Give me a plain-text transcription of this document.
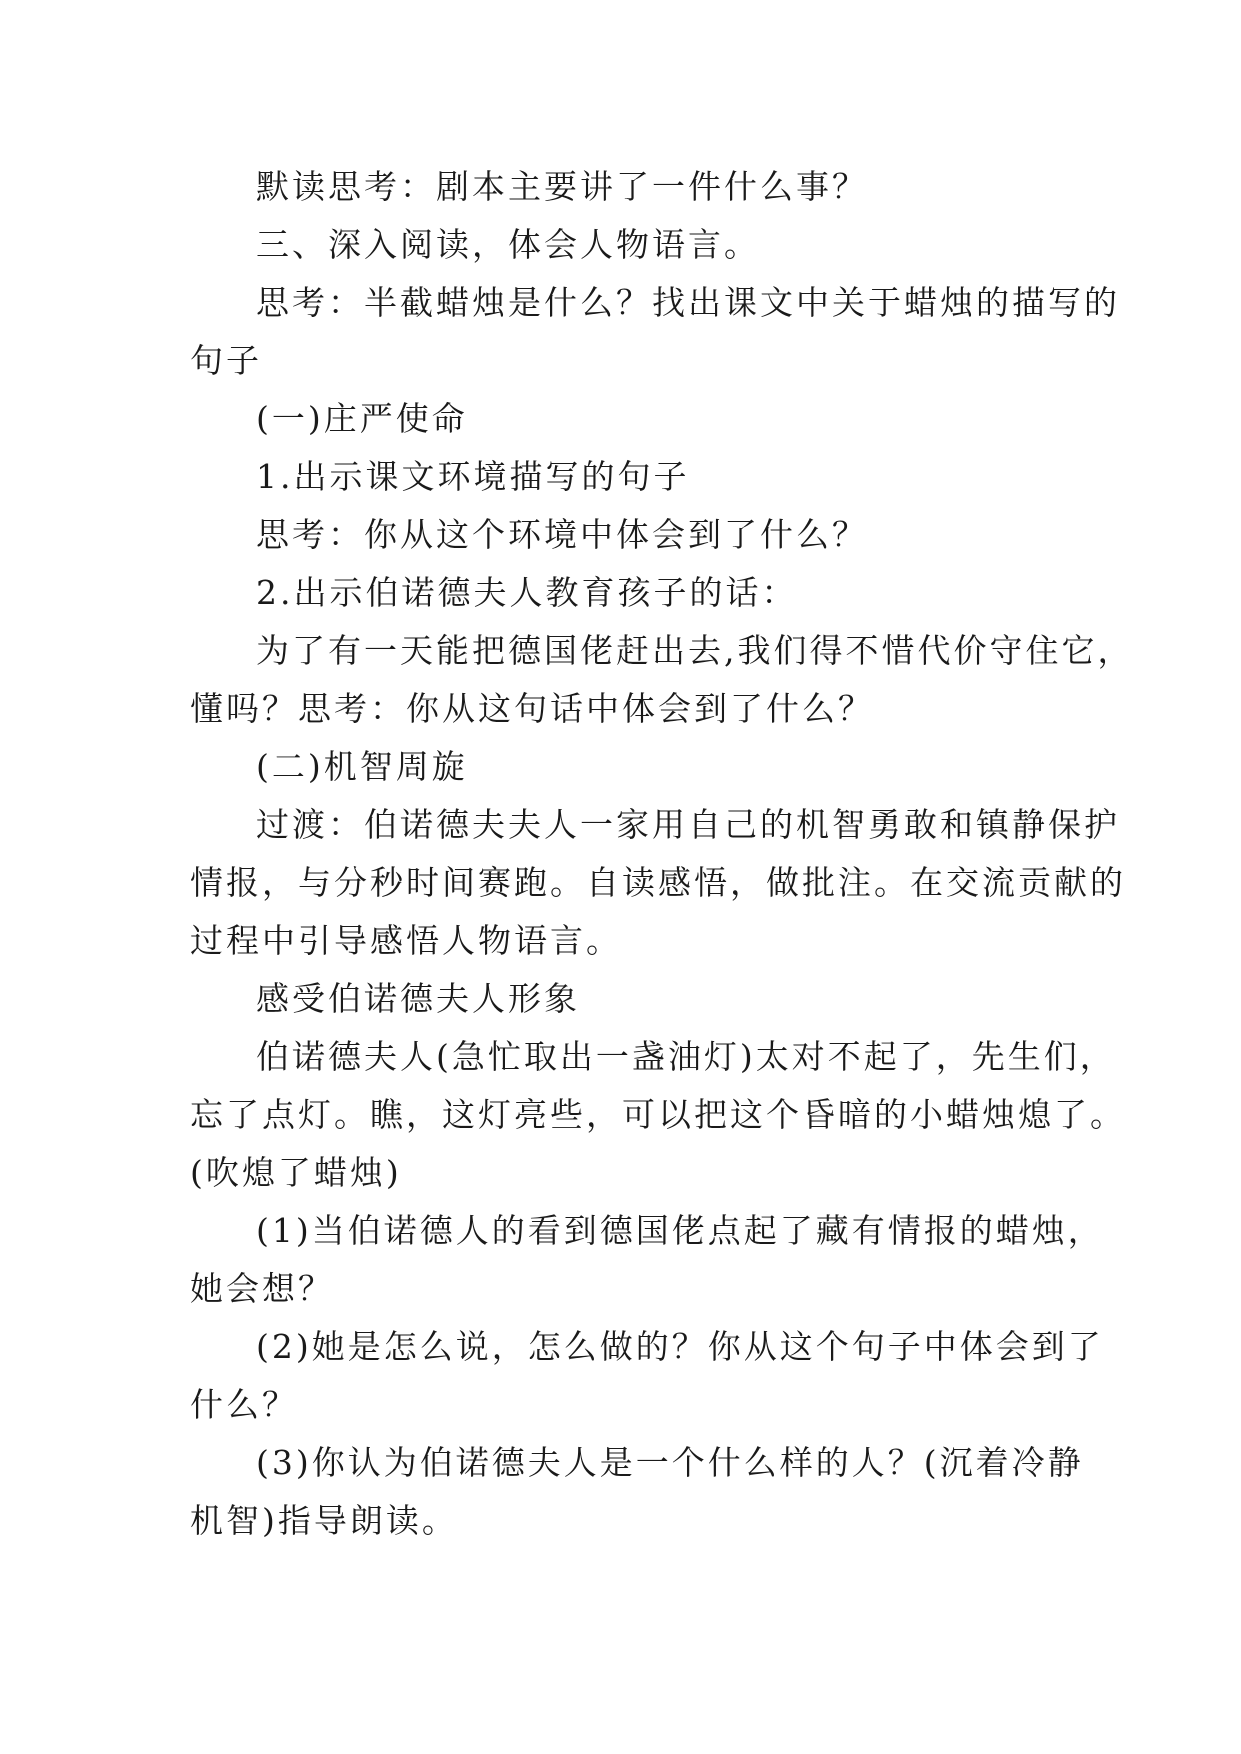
默读思考：剧本主要讲了一件什么事？
三、深入阅读，体会人物语言。
思考：半截蜡烛是什么？找出课文中关于蜡烛的描写的
句子
(一)庄严使命
1.出示课文环境描写的句子
思考：你从这个环境中体会到了什么？
2.出示伯诺德夫人教育孩子的话：
为了有一天能把德国佬赶出去,我们得不惜代价守住它，
懂吗？思考：你从这句话中体会到了什么？
(二)机智周旋
过渡：伯诺德夫夫人一家用自己的机智勇敢和镇静保护
情报，与分秒时间赛跑。自读感悟，做批注。在交流贡献的
过程中引导感悟人物语言。
感受伯诺德夫人形象
伯诺德夫人(急忙取出一盏油灯)太对不起了，先生们，
忘了点灯。瞧，这灯亮些，可以把这个昏暗的小蜡烛熄了。
(吹熄了蜡烛)
(1)当伯诺德人的看到德国佬点起了藏有情报的蜡烛，
她会想？
(2)她是怎么说，怎么做的？你从这个句子中体会到了
什么？
(3)你认为伯诺德夫人是一个什么样的人？(沉着冷静
机智)指导朗读。
